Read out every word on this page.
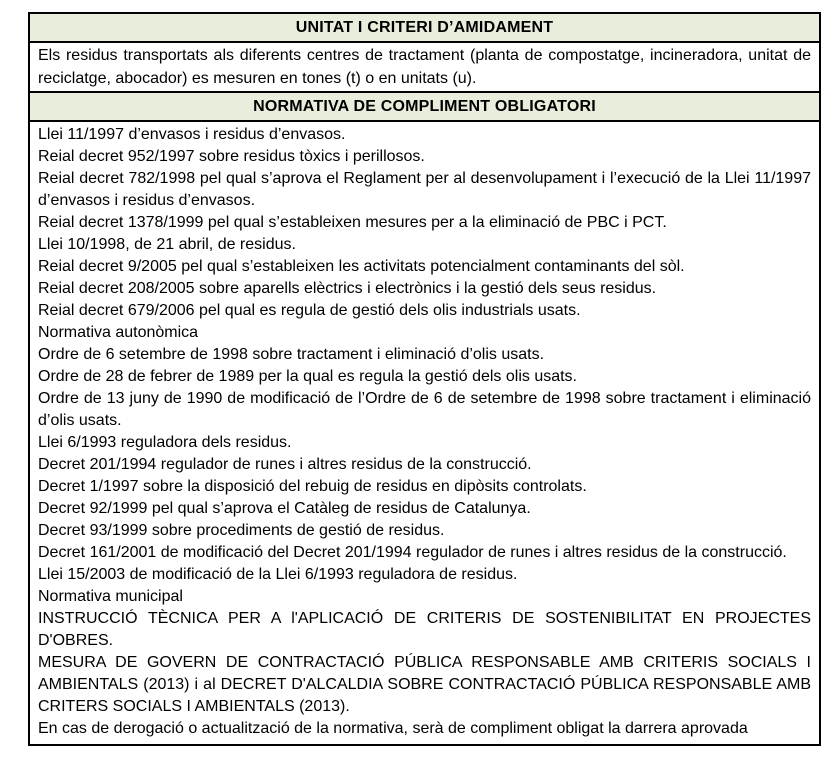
UNITAT I CRITERI D’AMIDAMENT
Els residus transportats als diferents centres de tractament (planta de compostatge, incineradora, unitat de reciclatge, abocador) es mesuren en tones (t) o en unitats (u).
NORMATIVA DE COMPLIMENT OBLIGATORI
Llei 11/1997 d’envasos i residus d’envasos.
Reial decret 952/1997 sobre residus tòxics i perillosos.
Reial decret 782/1998 pel qual s’aprova el Reglament per al desenvolupament i l’execució de la Llei 11/1997 d’envasos i residus d’envasos.
Reial decret 1378/1999 pel qual s’estableixen mesures per a la eliminació de PBC i PCT.
Llei 10/1998, de 21 abril, de residus.
Reial decret 9/2005 pel qual s’estableixen les activitats potencialment contaminants del sòl.
Reial decret 208/2005 sobre aparells elèctrics i electrònics i la gestió dels seus residus.
Reial decret 679/2006 pel qual es regula de gestió dels olis industrials usats.
Normativa autonòmica
Ordre de 6 setembre de 1998 sobre tractament i eliminació d’olis usats.
Ordre de 28 de febrer de 1989 per la qual es regula la gestió dels olis usats.
Ordre de 13 juny de 1990 de modificació de l’Ordre de 6 de setembre de 1998 sobre tractament i eliminació d’olis usats.
Llei 6/1993 reguladora dels residus.
Decret 201/1994 regulador de runes i altres residus de la construcció.
Decret 1/1997 sobre la disposició del rebuig de residus en dipòsits controlats.
Decret 92/1999 pel qual s’aprova el Catàleg de residus de Catalunya.
Decret 93/1999 sobre procediments de gestió de residus.
Decret 161/2001 de modificació del Decret 201/1994 regulador de runes i altres residus de la construcció.
Llei 15/2003 de modificació de la Llei 6/1993 reguladora de residus.
Normativa municipal
INSTRUCCIÓ TÈCNICA PER A l'APLICACIÓ DE CRITERIS DE SOSTENIBILITAT EN PROJECTES D'OBRES.
MESURA DE GOVERN DE CONTRACTACIÓ PÚBLICA RESPONSABLE AMB CRITERIS SOCIALS I AMBIENTALS (2013) i al DECRET D'ALCALDIA SOBRE CONTRACTACIÓ PÚBLICA RESPONSABLE AMB CRITERS SOCIALS I AMBIENTALS (2013).
En cas de derogació o actualització de la normativa, serà de compliment obligat la darrera aprovada
